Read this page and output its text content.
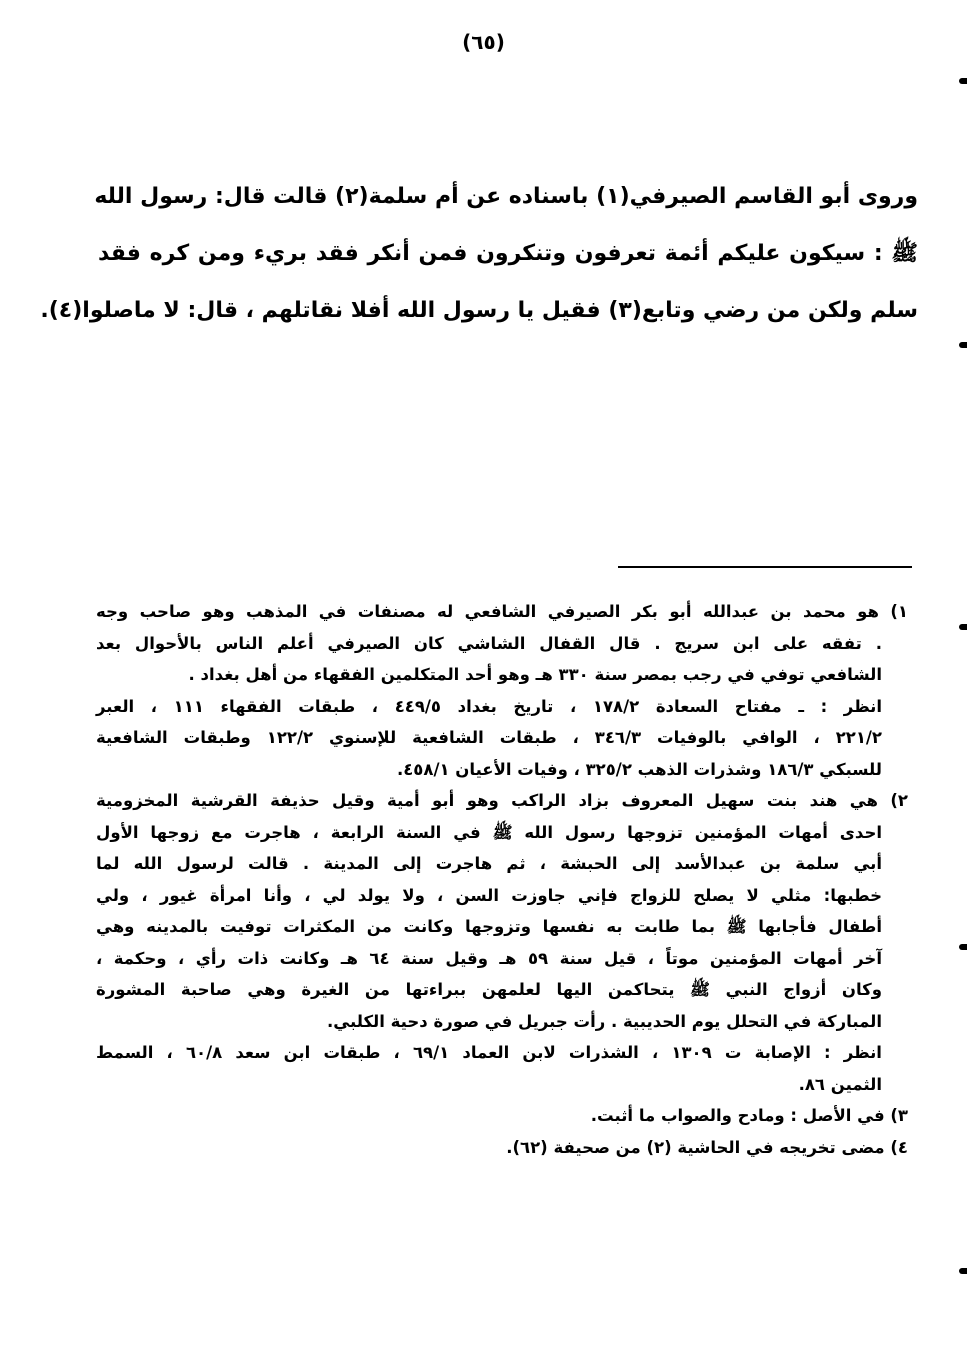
(٦٥)
وروى أبو القاسم الصيرفي(١) باسناده عن أم سلمة(٢) قالت قال: رسول الله
ﷺ : سيكون عليكم أئمة تعرفون وتنكرون فمن أنكر فقد بريء ومن كره فقد
سلم ولكن من رضي وتابع(٣) فقيل يا رسول الله أفلا نقاتلهم ، قال: لا ماصلوا(٤).
١) هو محمد بن عبدالله أبو بكر الصيرفي الشافعي له مصنفات في المذهب وهو صاحب وجه
. تفقه على ابن سريج . قال القفال الشاشي كان الصيرفي أعلم الناس بالأحوال بعد
الشافعي توفي في رجب بمصر سنة ٣٣٠ هـ وهو أحد المتكلمين الفقهاء من أهل بغداد .
انظر : ـ مفتاح السعادة ١٧٨/٢ ، تاريخ بغداد ٤٤٩/٥ ، طبقات الفقهاء ١١١ ، العبر
٢٢١/٢ ، الوافي بالوفيات ٣٤٦/٣ ، طبقات الشافعية للإسنوي ١٢٢/٢ وطبقات الشافعية
للسبكي ١٨٦/٣ وشذرات الذهب ٣٢٥/٢ ، وفيات الأعيان ٤٥٨/١.
٢) هي هند بنت سهيل المعروف بزاد الراكب وهو أبو أمية وقيل حذيفة القرشية المخزومية
احدى أمهات المؤمنين تزوجها رسول الله ﷺ في السنة الرابعة ، هاجرت مع زوجها الأول
أبي سلمة بن عبدالأسد إلى الحبشة ، ثم هاجرت إلى المدينة . قالت لرسول الله لما
خطبها: مثلي لا يصلح للزواج فإني جاوزت السن ، ولا يولد لي ، وأنا امرأة غيور ، ولي
أطفال فأجابها ﷺ بما طابت به نفسها وتزوجها وكانت من المكثرات توفيت بالمدينه وهي
آخر أمهات المؤمنين موتاً ، قيل سنة ٥٩ هـ وقيل سنة ٦٤ هـ وكانت ذات رأي ، وحكمة ،
وكان أزواج النبي ﷺ يتحاكمن اليها لعلمهن ببراءتها من الغيرة وهي صاحبة المشورة
المباركة في التحلل يوم الحديبية . رأت جبريل في صورة دحية الكلبي.
انظر : الإصابة ت ١٣٠٩ ، الشذرات لابن العماد ٦٩/١ ، طبقات ابن سعد ٦٠/٨ ، السمط
الثمين ٨٦.
٣) في الأصل : ومادح والصواب ما أثبت.
٤) مضى تخريجه في الحاشية (٢) من صحيفة (٦٢).
